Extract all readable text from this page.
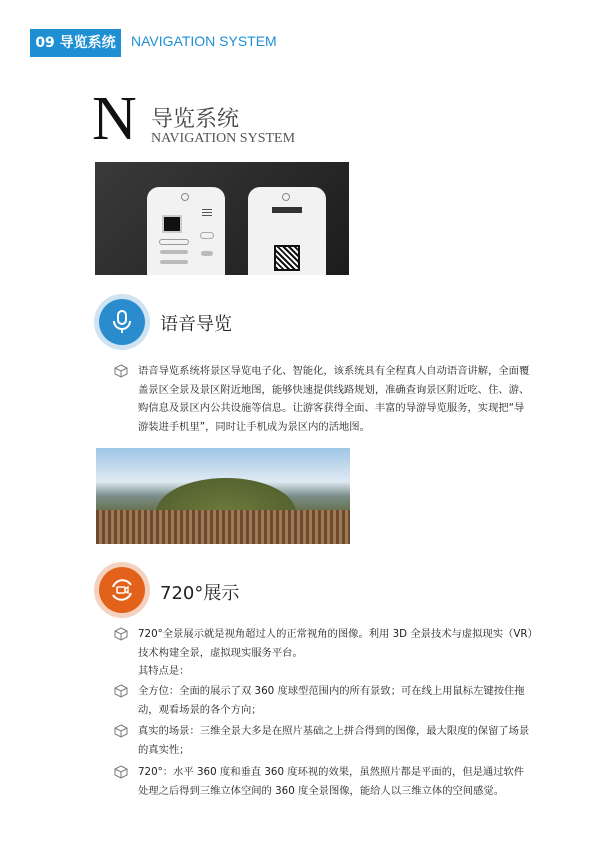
09 导览系统	NAVIGATION SYSTEM
N 导览系统
NAVIGATION SYSTEM
语音导览
语音导览系统将景区导览电子化、智能化，该系统具有全程真人自动语音讲解，全面覆盖景区全景及景区附近地图，能够快速提供线路规划，准确查询景区附近吃、住、游、购信息及景区内公共设施等信息。让游客获得全面、丰富的导游导览服务，实现把“导游装进手机里”，同时让手机成为景区内的活地图。
720°展示
720°全景展示就是视角超过人的正常视角的图像。利用 3D 全景技术与虚拟现实（VR）技术构建全景，虚拟现实服务平台。
其特点是：
全方位：全面的展示了双 360 度球型范围内的所有景致；可在线上用鼠标左键按住拖动，观看场景的各个方向；
真实的场景：三维全景大多是在照片基础之上拼合得到的图像，最大限度的保留了场景的真实性；
720°：水平 360 度和垂直 360 度环视的效果，虽然照片都是平面的，但是通过软件处理之后得到三维立体空间的 360 度全景图像，能给人以三维立体的空间感觉。
